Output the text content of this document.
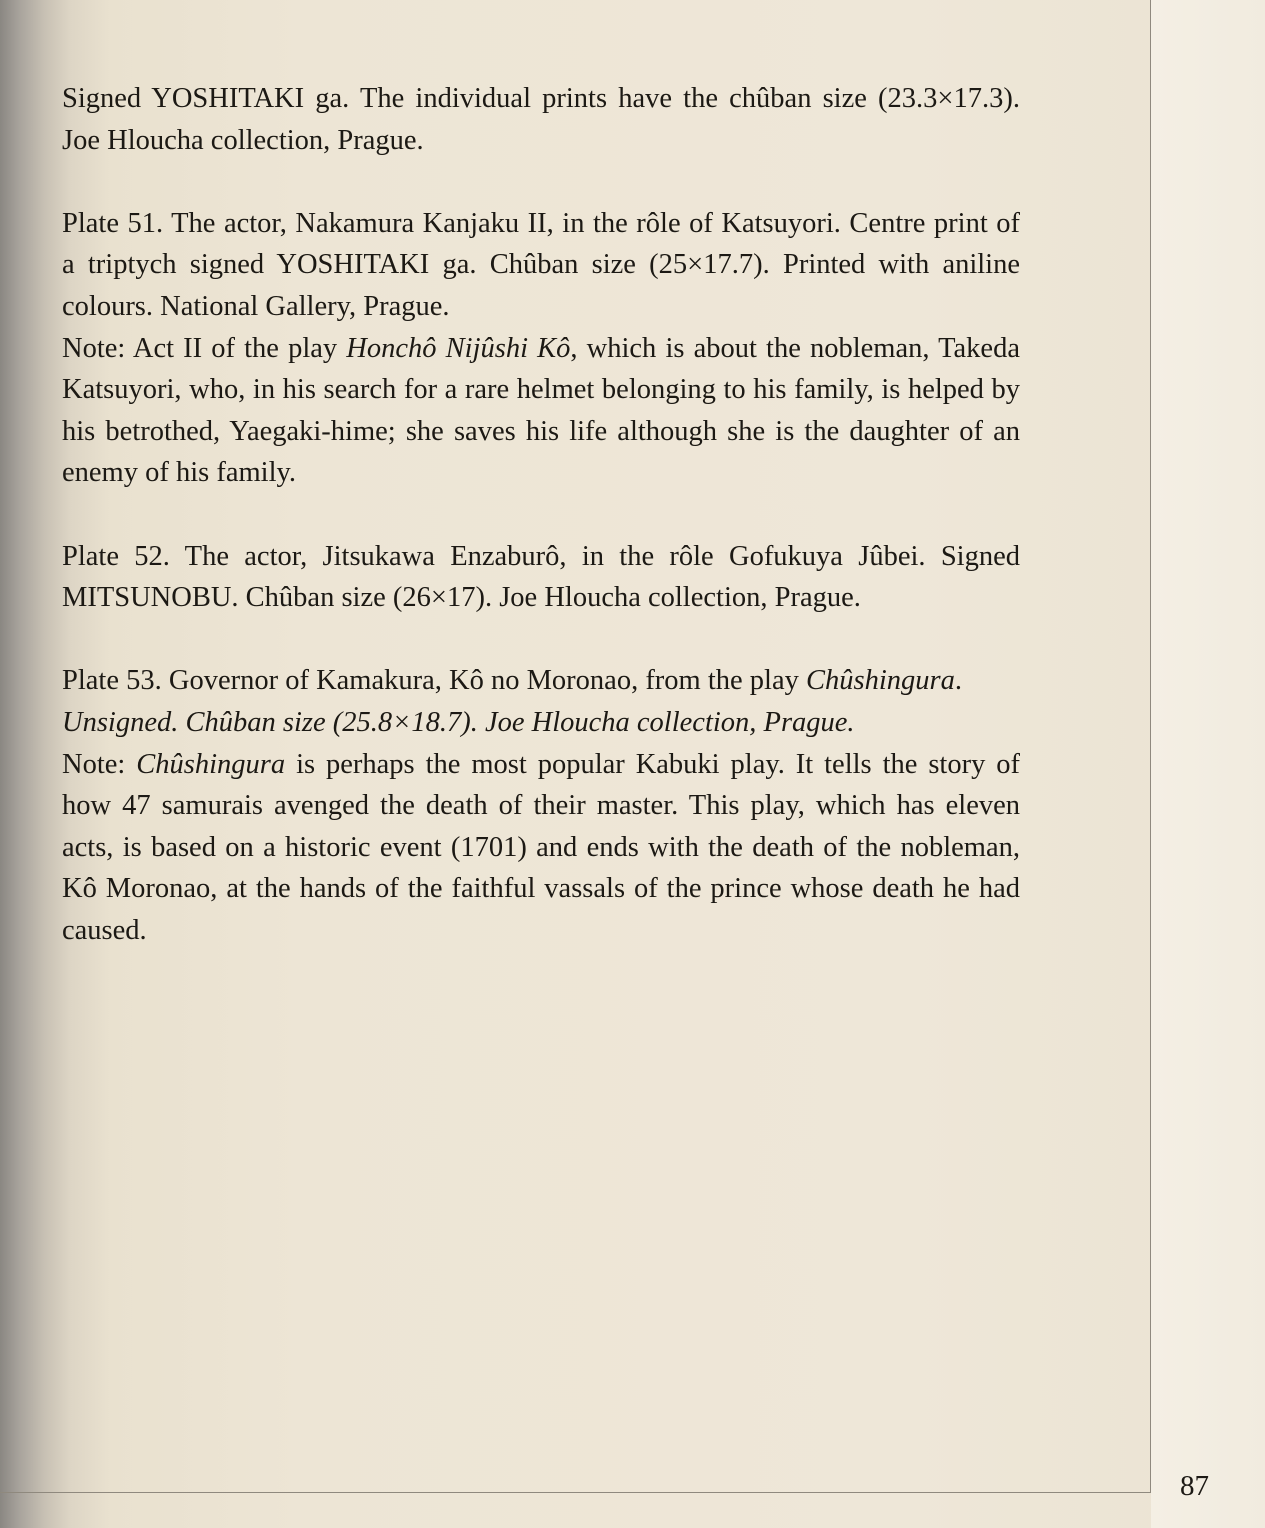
Signed YOSHITAKI ga. The individual prints have the chûban size (23.3×17.3). Joe Hloucha collection, Prague.

Plate 51. The actor, Nakamura Kanjaku II, in the rôle of Katsuyori. Centre print of a triptych signed YOSHITAKI ga. Chûban size (25×17.7). Printed with aniline colours. National Gallery, Prague.

Note: Act II of the play Honchô Nijûshi Kô, which is about the nobleman, Takeda Katsuyori, who, in his search for a rare helmet belonging to his family, is helped by his betrothed, Yaegaki-hime; she saves his life although she is the daughter of an enemy of his family.

Plate 52. The actor, Jitsukawa Enzaburô, in the rôle Gofukuya Jûbei. Signed MITSUNOBU. Chûban size (26×17). Joe Hloucha collection, Prague.

Plate 53. Governor of Kamakura, Kô no Moronao, from the play Chûshingura.

Unsigned. Chûban size (25.8×18.7). Joe Hloucha collection, Prague.

Note: Chûshingura is perhaps the most popular Kabuki play. It tells the story of how 47 samurais avenged the death of their master. This play, which has eleven acts, is based on a historic event (1701) and ends with the death of the nobleman, Kô Moronao, at the hands of the faithful vassals of the prince whose death he had caused.

87
